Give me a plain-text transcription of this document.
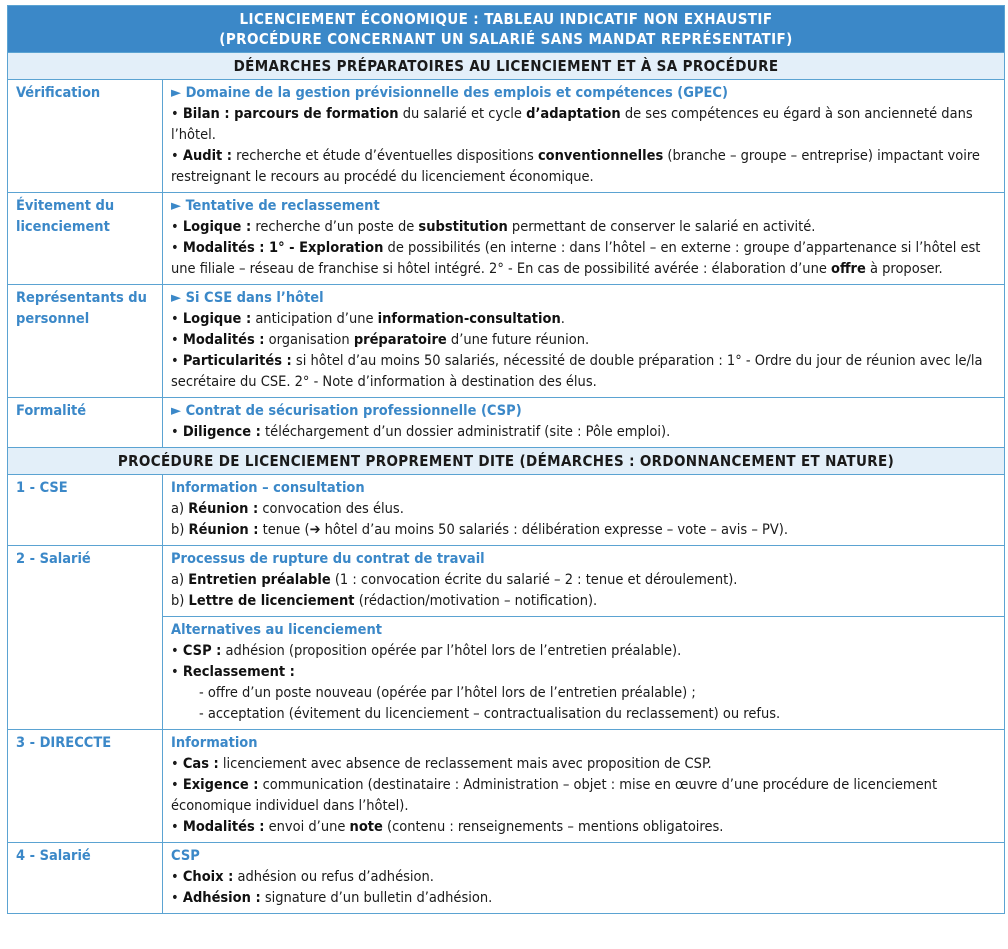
LICENCIEMENT ÉCONOMIQUE : TABLEAU INDICATIF NON EXHAUSTIF
(PROCÉDURE CONCERNANT UN SALARIÉ SANS MANDAT REPRÉSENTATIF)	

DÉMARCHES PRÉPARATOIRES AU LICENCIEMENT ET À SA PROCÉDURE	
Vérification	► Domaine de la gestion prévisionnelle des emplois et compétences (GPEC)
• Bilan : parcours de formation du salarié et cycle d’adaptation de ses compétences eu égard à son ancienneté dans l’hôtel.
• Audit : recherche et étude d’éventuelles dispositions conventionnelles (branche – groupe – entreprise) impactant voire restreignant le recours au procédé du licenciement économique.

Évitement du licenciement	► Tentative de reclassement
• Logique : recherche d’un poste de substitution permettant de conserver le salarié en activité.
• Modalités : 1° - Exploration de possibilités (en interne : dans l’hôtel – en externe : groupe d’appartenance si l’hôtel est une filiale – réseau de franchise si hôtel intégré. 2° - En cas de possibilité avérée : élaboration d’une offre à proposer.

Représentants du personnel	► Si CSE dans l’hôtel
• Logique : anticipation d’une information-consultation.
• Modalités : organisation préparatoire d’une future réunion.
• Particularités : si hôtel d’au moins 50 salariés, nécessité de double préparation : 1° - Ordre du jour de réunion avec le/la secrétaire du CSE. 2° - Note d’information à destination des élus.

Formalité	► Contrat de sécurisation professionnelle (CSP)
• Diligence : téléchargement d’un dossier administratif (site : Pôle emploi).

PROCÉDURE DE LICENCIEMENT PROPREMENT DITE (DÉMARCHES : ORDONNANCEMENT ET NATURE)	
1 - CSE	Information – consultation
a) Réunion : convocation des élus.
b) Réunion : tenue (➔ hôtel d’au moins 50 salariés : délibération expresse – vote – avis – PV).

2 - Salarié	Processus de rupture du contrat de travail
a) Entretien préalable (1 : convocation écrite du salarié – 2 : tenue et déroulement).
b) Lettre de licenciement (rédaction/motivation – notification).

	Alternatives au licenciement
• CSP : adhésion (proposition opérée par l’hôtel lors de l’entretien préalable).
• Reclassement :
- offre d’un poste nouveau (opérée par l’hôtel lors de l’entretien préalable) ;
- acceptation (évitement du licenciement – contractualisation du reclassement) ou refus.

3 - DIRECCTE	Information
• Cas : licenciement avec absence de reclassement mais avec proposition de CSP.
• Exigence : communication (destinataire : Administration – objet : mise en œuvre d’une procédure de licenciement économique individuel dans l’hôtel).
• Modalités : envoi d’une note (contenu : renseignements – mentions obligatoires.

4 - Salarié	CSP
• Choix : adhésion ou refus d’adhésion.
• Adhésion : signature d’un bulletin d’adhésion.
